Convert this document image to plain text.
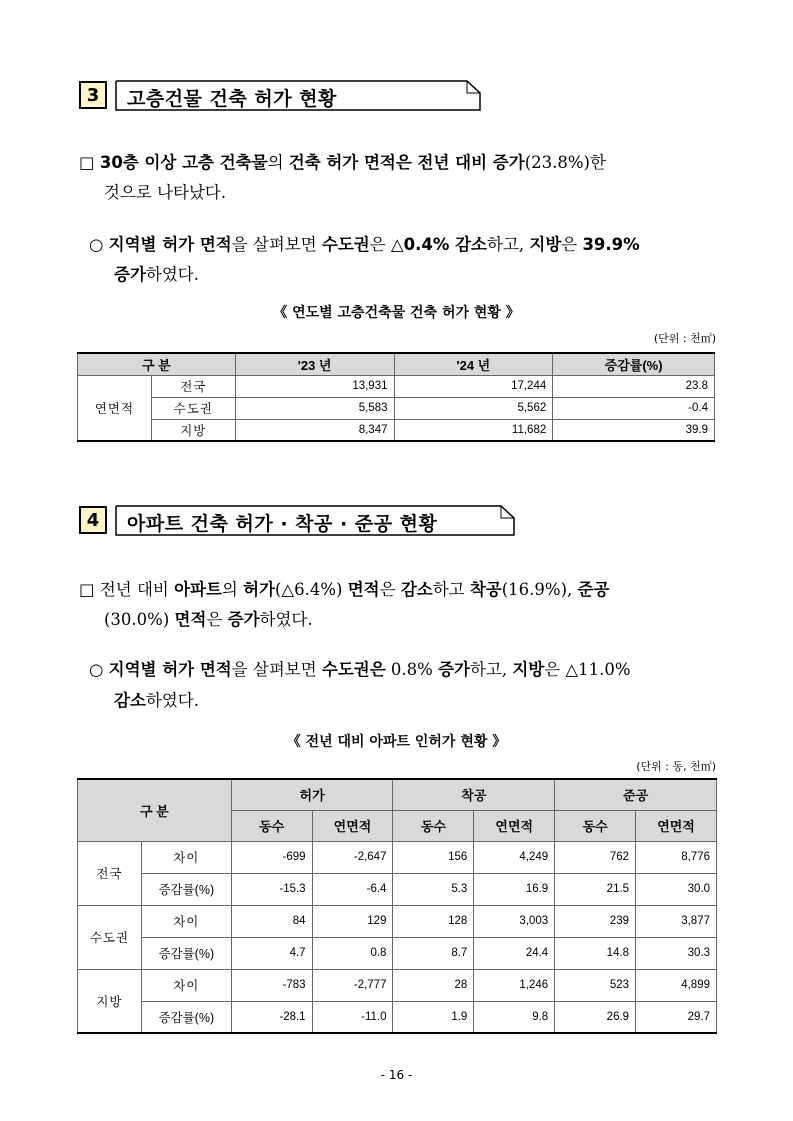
3	고층건물 건축 허가 현황
□ 30층 이상 고층 건축물의 건축 허가 면적은 전년 대비 증가(23.8%)한
것으로 나타났다.
○ 지역별 허가 면적을 살펴보면 수도권은 △0.4% 감소하고, 지방은 39.9%
증가하였다.
《 연도별 고층건축물 건축 허가 현황 》
(단위 : 천㎡)
구 분		'23 년	'24 년	증감률(%)
연면적	전국	13,931	17,244	23.8
	수도권	5,583	5,562	-0.4
	지방	8,347	11,682	39.9
4	아파트 건축 허가 · 착공 · 준공 현황
□ 전년 대비 아파트의 허가(△6.4%) 면적은 감소하고 착공(16.9%), 준공
(30.0%) 면적은 증가하였다.
○ 지역별 허가 면적을 살펴보면 수도권은 0.8% 증가하고, 지방은 △11.0%
감소하였다.
《 전년 대비 아파트 인허가 현황 》
(단위 : 동, 천㎡)
구 분		허가		착공		준공	
		동수	연면적	동수	연면적	동수	연면적
전국	차이	-699	-2,647	156	4,249	762	8,776
	증감률(%)	-15.3	-6.4	5.3	16.9	21.5	30.0
수도권	차이	84	129	128	3,003	239	3,877
	증감률(%)	4.7	0.8	8.7	24.4	14.8	30.3
지방	차이	-783	-2,777	28	1,246	523	4,899
	증감률(%)	-28.1	-11.0	1.9	9.8	26.9	29.7
- 16 -
